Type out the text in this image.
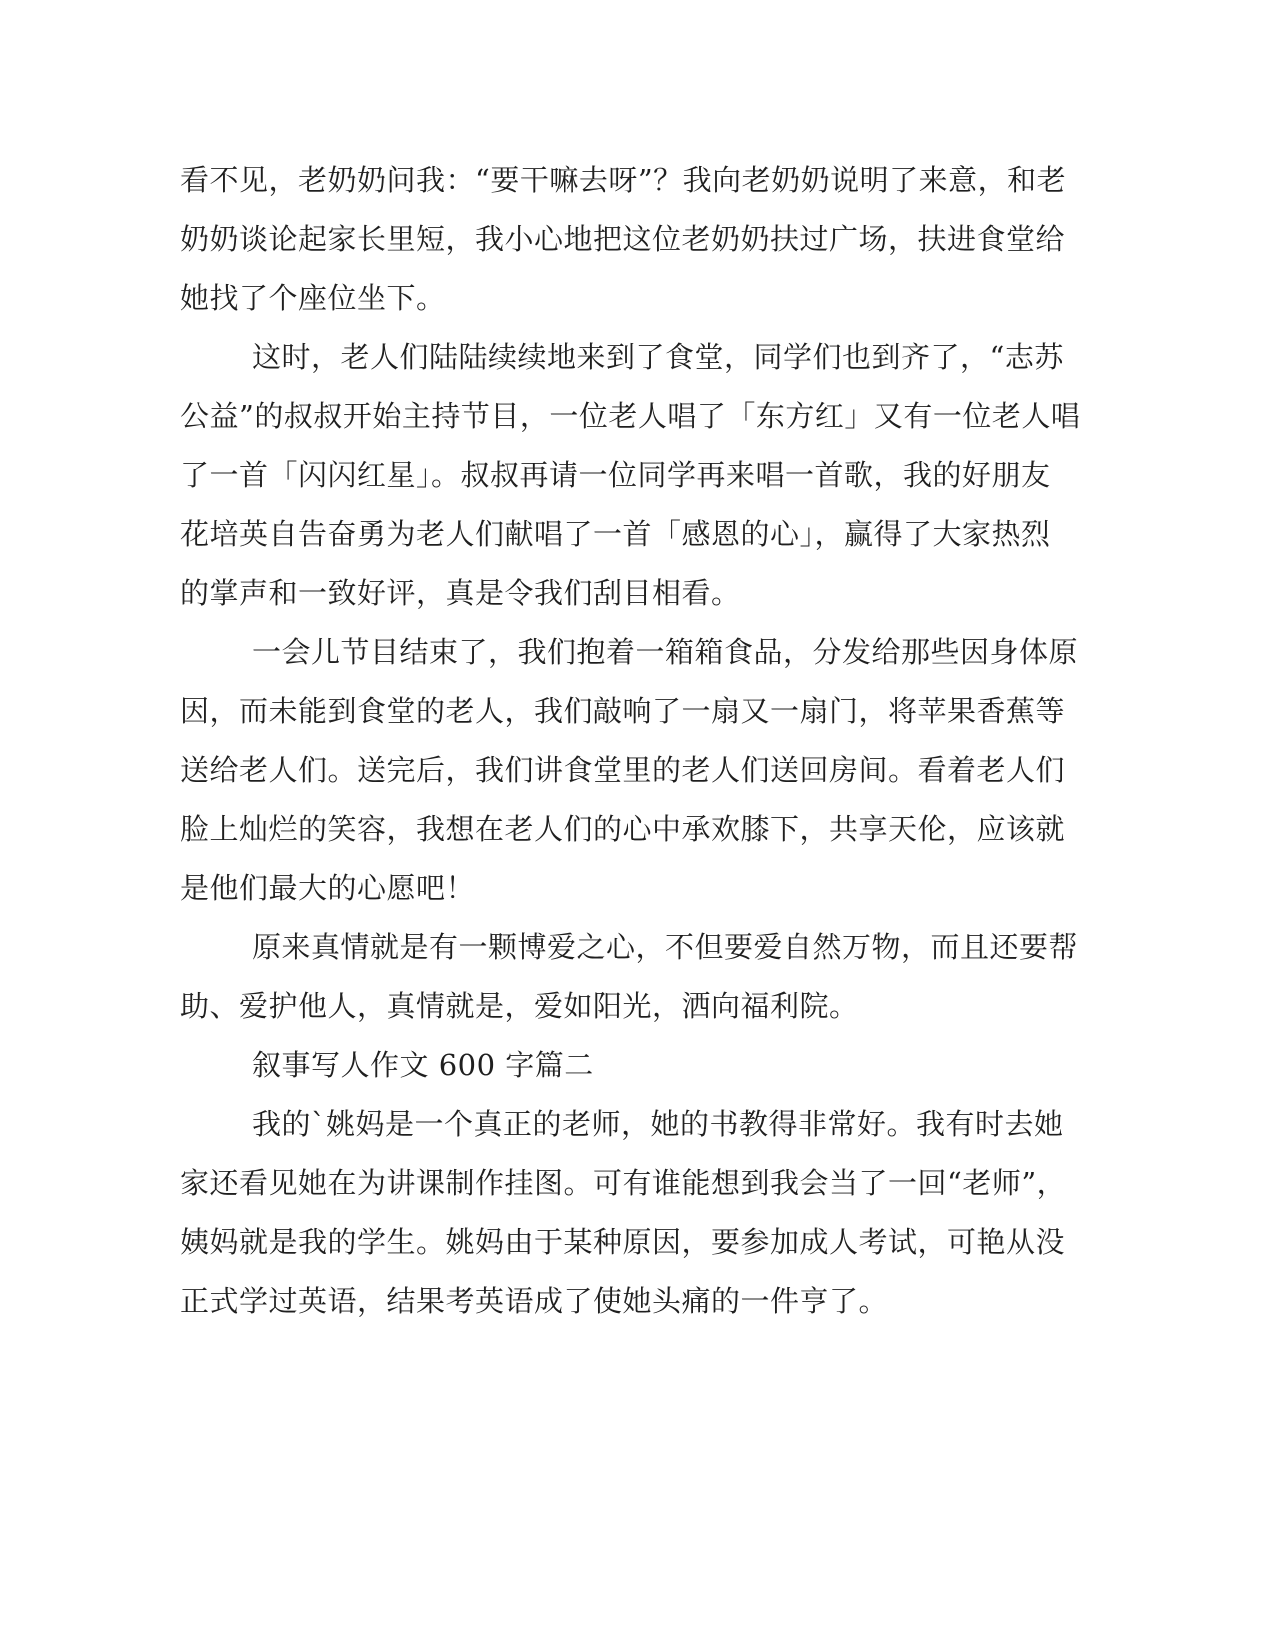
看不见，老奶奶问我：“要干嘛去呀”？我向老奶奶说明了来意，和老
奶奶谈论起家长里短，我小心地把这位老奶奶扶过广场，扶进食堂给
她找了个座位坐下。
这时，老人们陆陆续续地来到了食堂，同学们也到齐了，“志苏
公益”的叔叔开始主持节目，一位老人唱了「东方红」又有一位老人唱
了一首「闪闪红星」。叔叔再请一位同学再来唱一首歌，我的好朋友
花培英自告奋勇为老人们献唱了一首「感恩的心」，赢得了大家热烈
的掌声和一致好评，真是令我们刮目相看。
一会儿节目结束了，我们抱着一箱箱食品，分发给那些因身体原
因，而未能到食堂的老人，我们敲响了一扇又一扇门，将苹果香蕉等
送给老人们。送完后，我们讲食堂里的老人们送回房间。看着老人们
脸上灿烂的笑容，我想在老人们的心中承欢膝下，共享天伦，应该就
是他们最大的心愿吧！
原来真情就是有一颗博爱之心，不但要爱自然万物，而且还要帮
助、爱护他人，真情就是，爱如阳光，洒向福利院。
叙事写人作文 600 字篇二
我的`姚妈是一个真正的老师，她的书教得非常好。我有时去她
家还看见她在为讲课制作挂图。可有谁能想到我会当了一回“老师”，
姨妈就是我的学生。姚妈由于某种原因，要参加成人考试，可艳从没
正式学过英语，结果考英语成了使她头痛的一件亨了。
